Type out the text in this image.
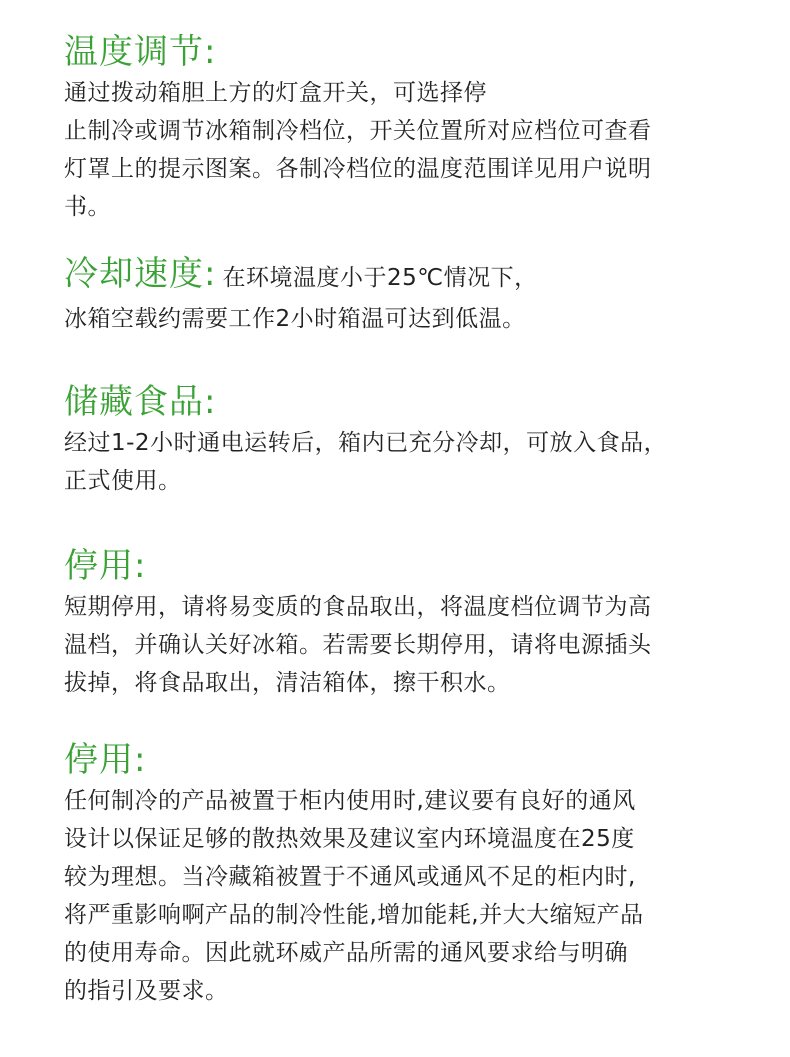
温度调节:
通过拨动箱胆上方的灯盒开关，可选择停
止制冷或调节冰箱制冷档位，开关位置所对应档位可查看
灯罩上的提示图案。各制冷档位的温度范围详见用户说明
书。
冷却速度: 在环境温度小于25℃情况下，
冰箱空载约需要工作2小时箱温可达到低温。
储藏食品:
经过1-2小时通电运转后，箱内已充分冷却，可放入食品，
正式使用。
停用:
短期停用，请将易变质的食品取出，将温度档位调节为高
温档，并确认关好冰箱。若需要长期停用，请将电源插头
拔掉，将食品取出，清洁箱体，擦干积水。
停用:
任何制冷的产品被置于柜内使用时,建议要有良好的通风
设计以保证足够的散热效果及建议室内环境温度在25度
较为理想。当冷藏箱被置于不通风或通风不足的柜内时,
将严重影响啊产品的制冷性能,增加能耗,并大大缩短产品
的使用寿命。因此就环威产品所需的通风要求给与明确
的指引及要求。
